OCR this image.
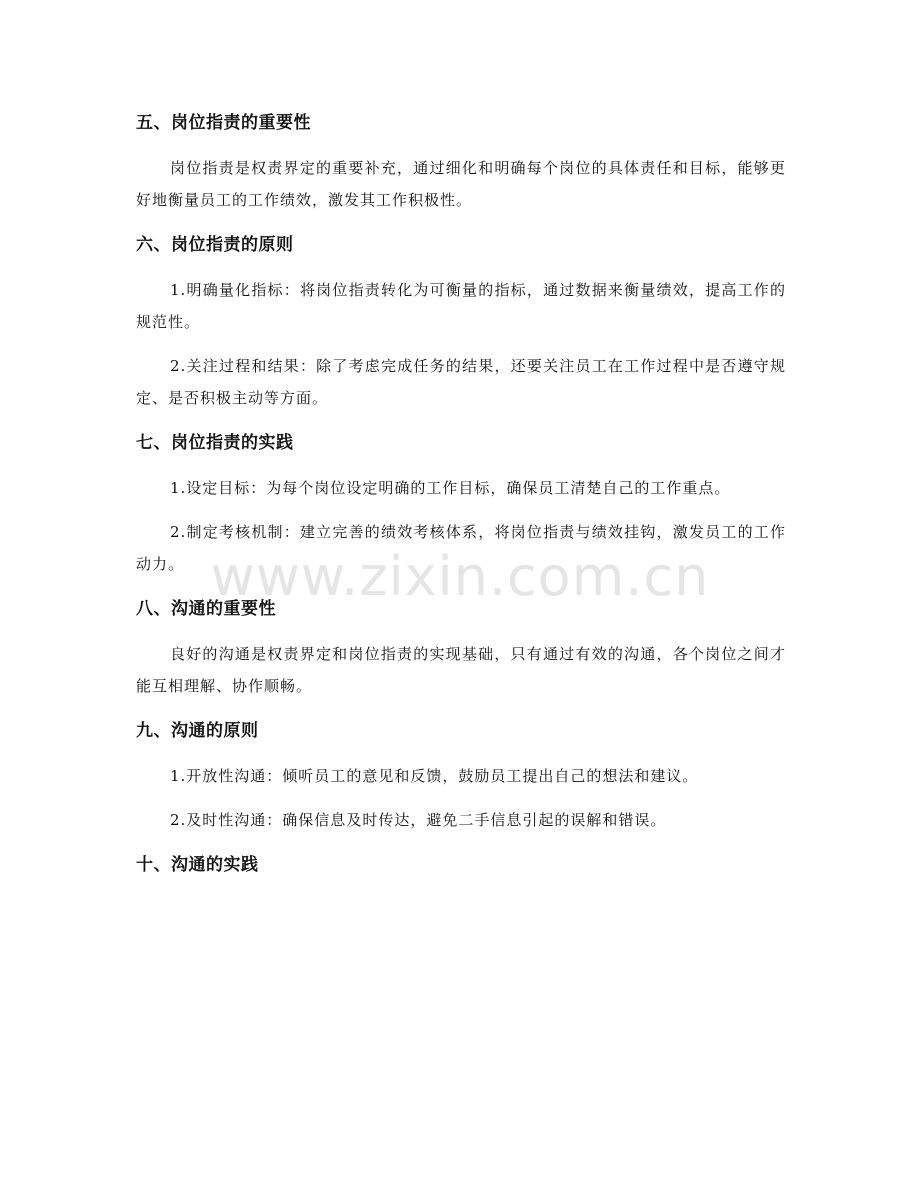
五、岗位指责的重要性

岗位指责是权责界定的重要补充，通过细化和明确每个岗位的具体责任和目标，能够更好地衡量员工的工作绩效，激发其工作积极性。

六、岗位指责的原则

1.明确量化指标：将岗位指责转化为可衡量的指标，通过数据来衡量绩效，提高工作的规范性。

2.关注过程和结果：除了考虑完成任务的结果，还要关注员工在工作过程中是否遵守规定、是否积极主动等方面。

七、岗位指责的实践

1.设定目标：为每个岗位设定明确的工作目标，确保员工清楚自己的工作重点。

2.制定考核机制：建立完善的绩效考核体系，将岗位指责与绩效挂钩，激发员工的工作动力。

八、沟通的重要性

良好的沟通是权责界定和岗位指责的实现基础，只有通过有效的沟通，各个岗位之间才能互相理解、协作顺畅。

九、沟通的原则

1.开放性沟通：倾听员工的意见和反馈，鼓励员工提出自己的想法和建议。

2.及时性沟通：确保信息及时传达，避免二手信息引起的误解和错误。

十、沟通的实践
www.zixin.com.cn
